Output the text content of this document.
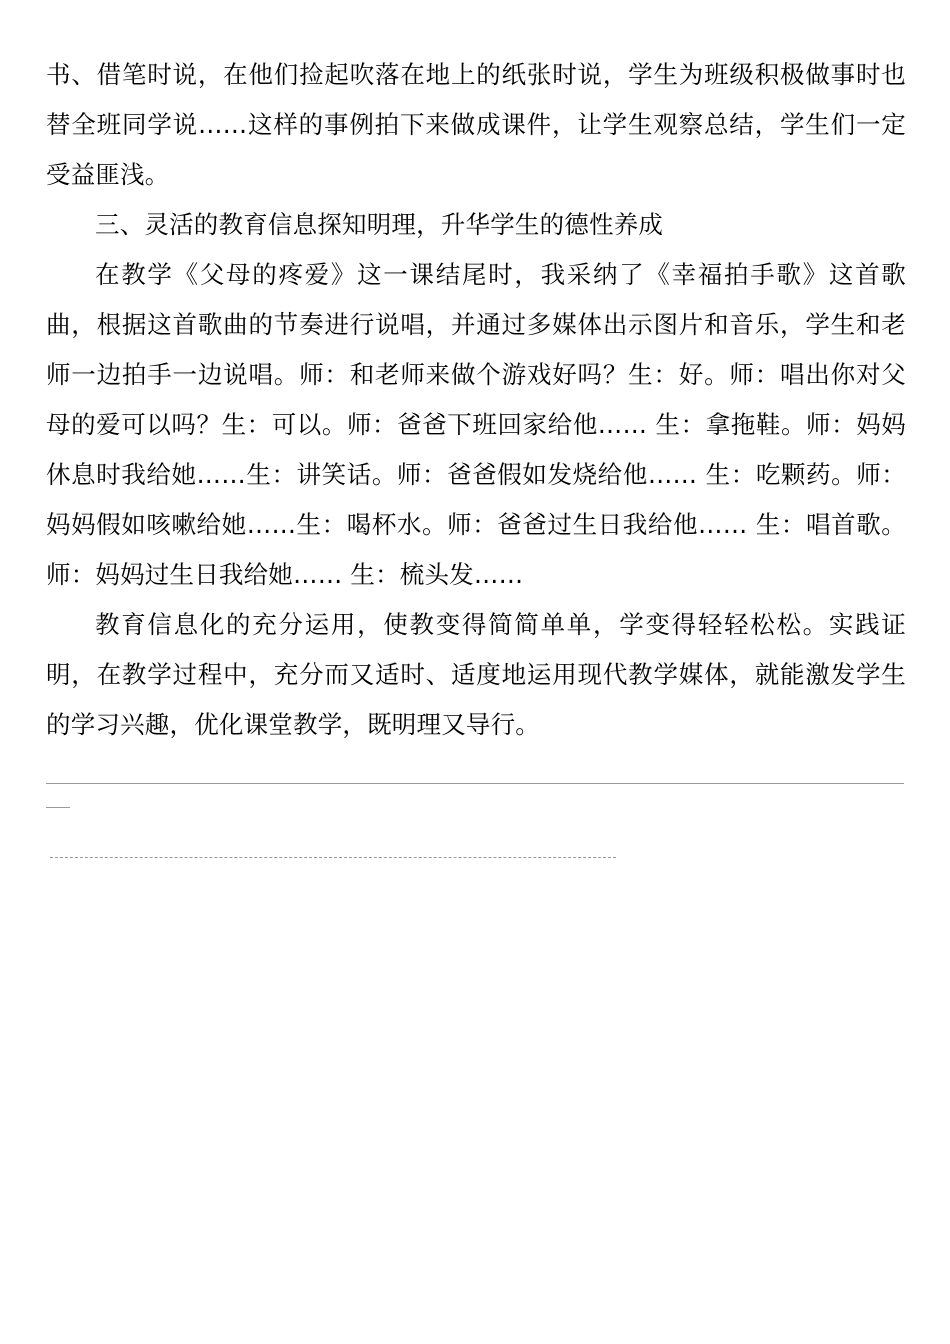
书、借笔时说，在他们捡起吹落在地上的纸张时说，学生为班级积极做事时也替全班同学说……这样的事例拍下来做成课件，让学生观察总结，学生们一定受益匪浅。

三、灵活的教育信息探知明理，升华学生的德性养成

在教学《父母的疼爱》这一课结尾时，我采纳了《幸福拍手歌》这首歌曲，根据这首歌曲的节奏进行说唱，并通过多媒体出示图片和音乐，学生和老师一边拍手一边说唱。师：和老师来做个游戏好吗？生：好。师：唱出你对父母的爱可以吗？生：可以。师：爸爸下班回家给他…… 生：拿拖鞋。师：妈妈休息时我给她……生：讲笑话。师：爸爸假如发烧给他…… 生：吃颗药。师：妈妈假如咳嗽给她……生：喝杯水。师：爸爸过生日我给他…… 生：唱首歌。师：妈妈过生日我给她…… 生：梳头发……

教育信息化的充分运用，使教变得简简单单，学变得轻轻松松。实践证明，在教学过程中，充分而又适时、适度地运用现代教学媒体，就能激发学生的学习兴趣，优化课堂教学，既明理又导行。
